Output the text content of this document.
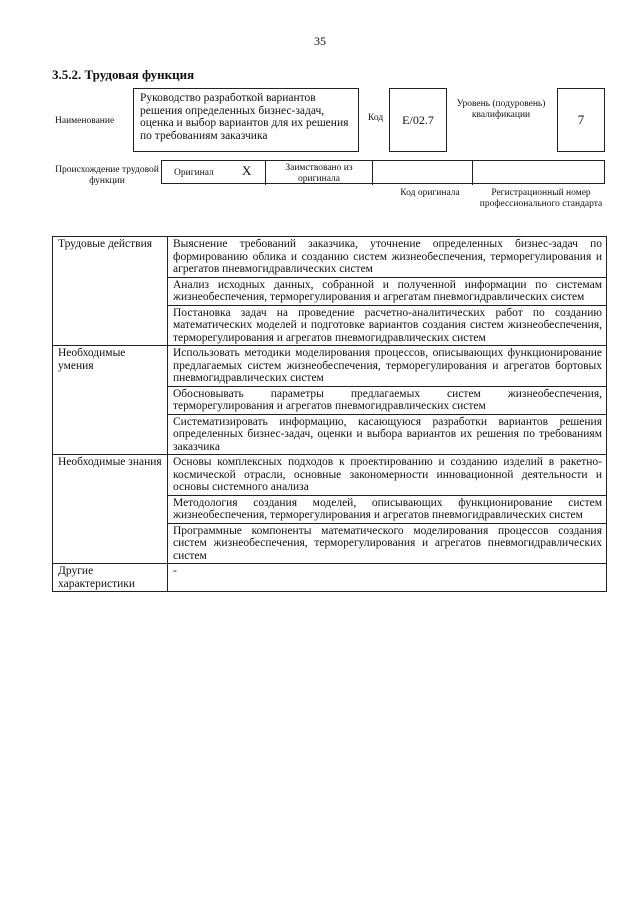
35
3.5.2. Трудовая функция
Наименование
Руководство разработкой вариантов решения определенных бизнес-задач, оценка и выбор вариантов для их решения по требованиям заказчика
Код	E/02.7
Уровень (подуровень) квалификации	7
Происхождение трудовой функции
Оригинал X	Заимствовано из оригинала
Код оригинала	Регистрационный номер профессионального стандарта
Трудовые действия	Выяснение требований заказчика, уточнение определенных бизнес-задач по формированию облика и созданию систем жизнеобеспечения, терморегулирования и агрегатов пневмогидравлических систем
	Анализ исходных данных, собранной и полученной информации по системам жизнеобеспечения, терморегулирования и агрегатам пневмогидравлических систем
	Постановка задач на проведение расчетно-аналитических работ по созданию математических моделей и подготовке вариантов создания систем жизнеобеспечения, терморегулирования и агрегатов пневмогидравлических систем
Необходимые умения	Использовать методики моделирования процессов, описывающих функционирование предлагаемых систем жизнеобеспечения, терморегулирования и агрегатов бортовых пневмогидравлических систем
	Обосновывать параметры предлагаемых систем жизнеобеспечения, терморегулирования и агрегатов пневмогидравлических систем
	Систематизировать информацию, касающуюся разработки вариантов решения определенных бизнес-задач, оценки и выбора вариантов их решения по требованиям заказчика
Необходимые знания	Основы комплексных подходов к проектированию и созданию изделий в ракетно-космической отрасли, основные закономерности инновационной деятельности и основы системного анализа
	Методология создания моделей, описывающих функционирование систем жизнеобеспечения, терморегулирования и агрегатов пневмогидравлических систем
	Программные компоненты математического моделирования процессов создания систем жизнеобеспечения, терморегулирования и агрегатов пневмогидравлических систем
Другие характеристики	-
